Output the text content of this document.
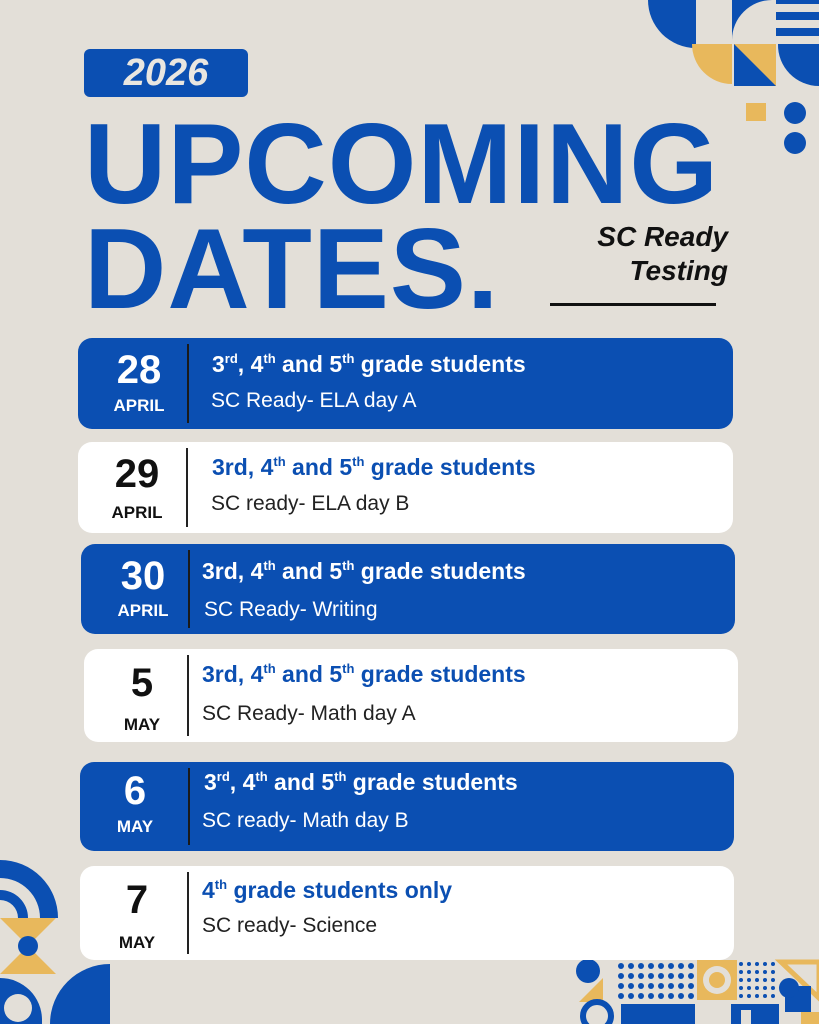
2026
UPCOMING
DATES.	SC Ready
Testing
28
APRIL
3rd, 4th and 5th grade students
SC Ready- ELA day A
29
APRIL
3rd, 4th and 5th grade students
SC ready- ELA day B
30
APRIL
3rd, 4th and 5th grade students
SC Ready- Writing
5
MAY
3rd, 4th and 5th grade students
SC Ready- Math day A
6
MAY
3rd, 4th and 5th grade students
SC ready- Math day B
7
MAY
4th grade students only
SC ready- Science
